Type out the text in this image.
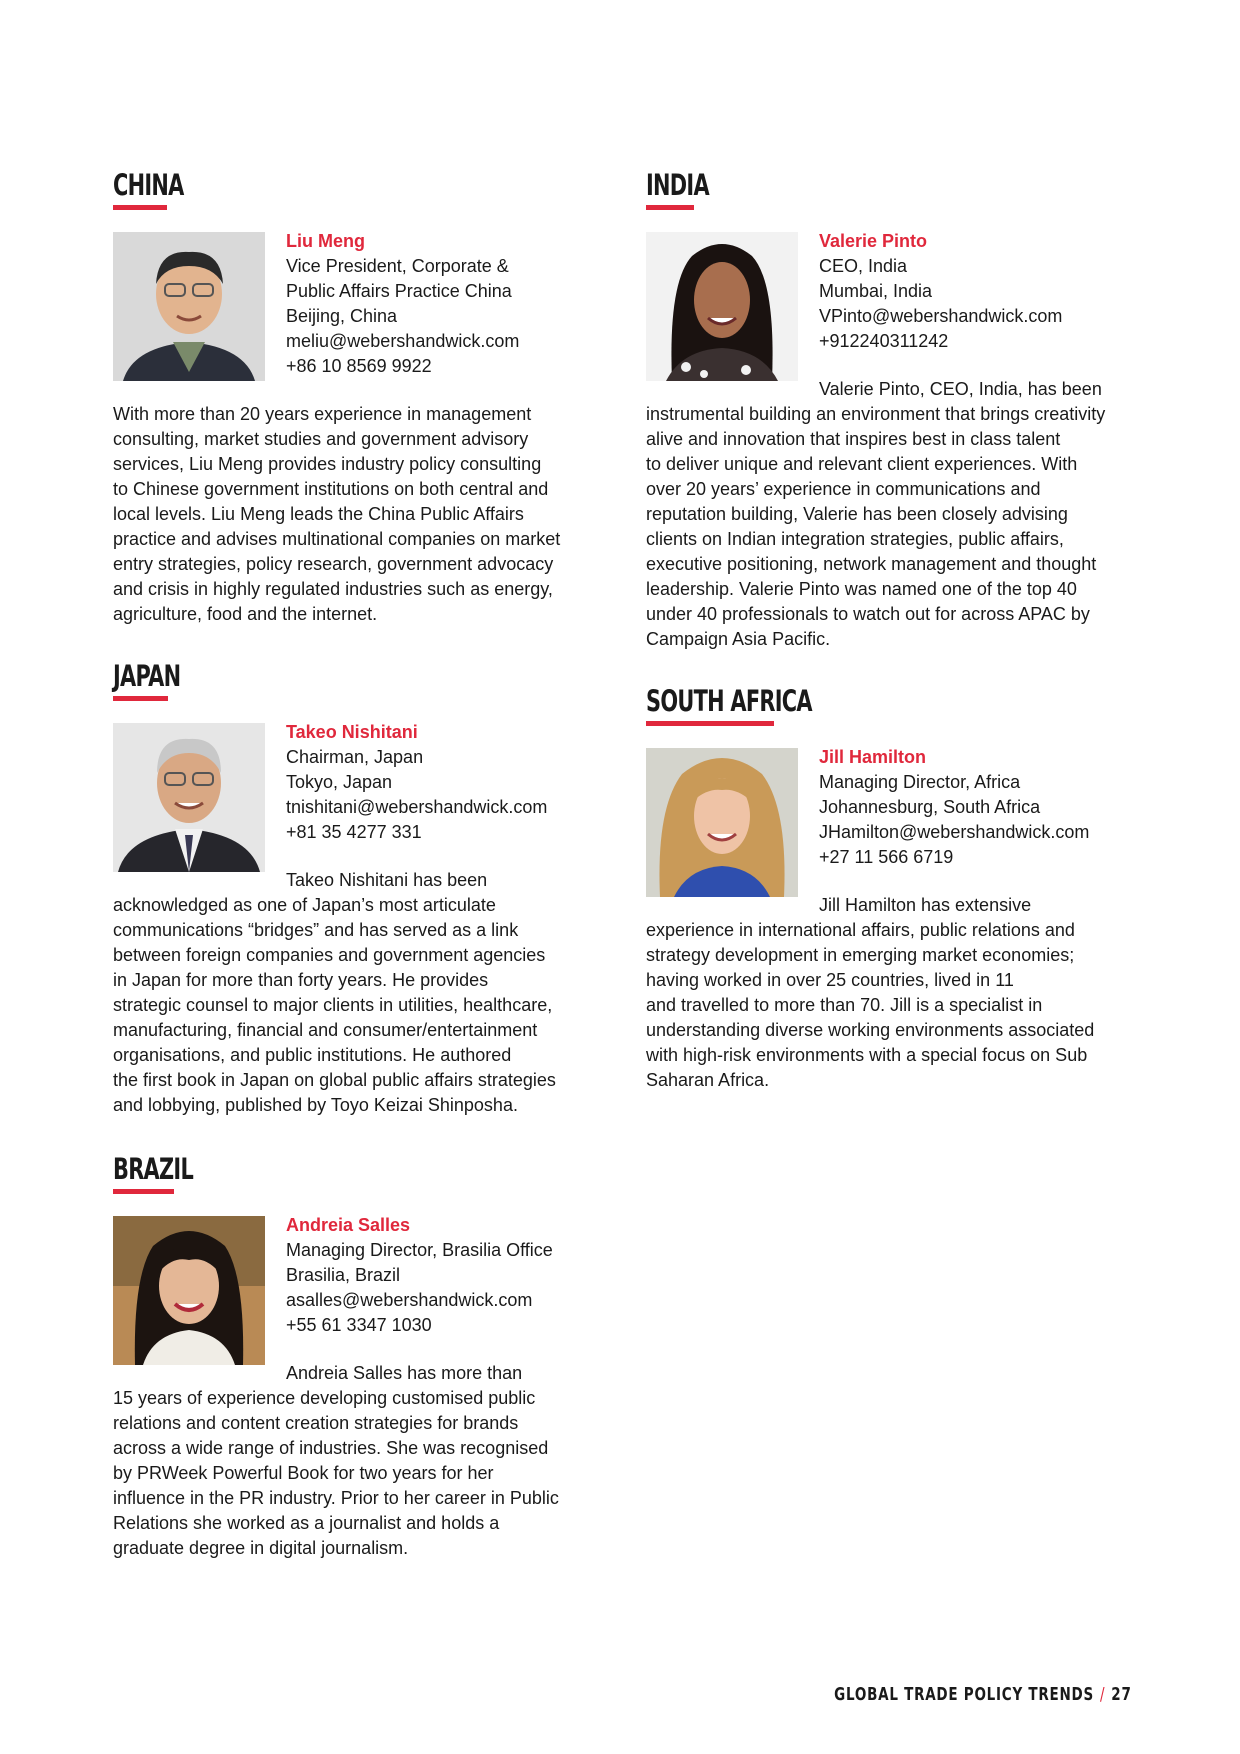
CHINA
Liu Meng
Vice President, Corporate &
Public Affairs Practice China
Beijing, China
meliu@webershandwick.com
+86 10 8569 9922

With more than 20 years experience in management
consulting, market studies and government advisory
services, Liu Meng provides industry policy consulting
to Chinese government institutions on both central and
local levels. Liu Meng leads the China Public Affairs
practice and advises multinational companies on market
entry strategies, policy research, government advocacy
and crisis in highly regulated industries such as energy,
agriculture, food and the internet.

JAPAN
Takeo Nishitani
Chairman, Japan
Tokyo, Japan
tnishitani@webershandwick.com
+81 35 4277 331

Takeo Nishitani has been
acknowledged as one of Japan’s most articulate
communications “bridges” and has served as a link
between foreign companies and government agencies
in Japan for more than forty years. He provides
strategic counsel to major clients in utilities, healthcare,
manufacturing, financial and consumer/entertainment
organisations, and public institutions. He authored
the first book in Japan on global public affairs strategies
and lobbying, published by Toyo Keizai Shinposha.

BRAZIL
Andreia Salles
Managing Director, Brasilia Office
Brasilia, Brazil
asalles@webershandwick.com
+55 61 3347 1030

Andreia Salles has more than
15 years of experience developing customised public
relations and content creation strategies for brands
across a wide range of industries. She was recognised
by PRWeek Powerful Book for two years for her
influence in the PR industry. Prior to her career in Public
Relations she worked as a journalist and holds a
graduate degree in digital journalism.

INDIA
Valerie Pinto
CEO, India
Mumbai, India
VPinto@webershandwick.com
+912240311242

Valerie Pinto, CEO, India, has been
instrumental building an environment that brings creativity
alive and innovation that inspires best in class talent
to deliver unique and relevant client experiences. With
over 20 years’ experience in communications and
reputation building, Valerie has been closely advising
clients on Indian integration strategies, public affairs,
executive positioning, network management and thought
leadership. Valerie Pinto was named one of the top 40
under 40 professionals to watch out for across APAC by
Campaign Asia Pacific.

SOUTH AFRICA
Jill Hamilton
Managing Director, Africa
Johannesburg, South Africa
JHamilton@webershandwick.com
+27 11 566 6719

Jill Hamilton has extensive
experience in international affairs, public relations and
strategy development in emerging market economies;
having worked in over 25 countries, lived in 11
and travelled to more than 70. Jill is a specialist in
understanding diverse working environments associated
with high-risk environments with a special focus on Sub
Saharan Africa.

GLOBAL TRADE POLICY TRENDS / 27
